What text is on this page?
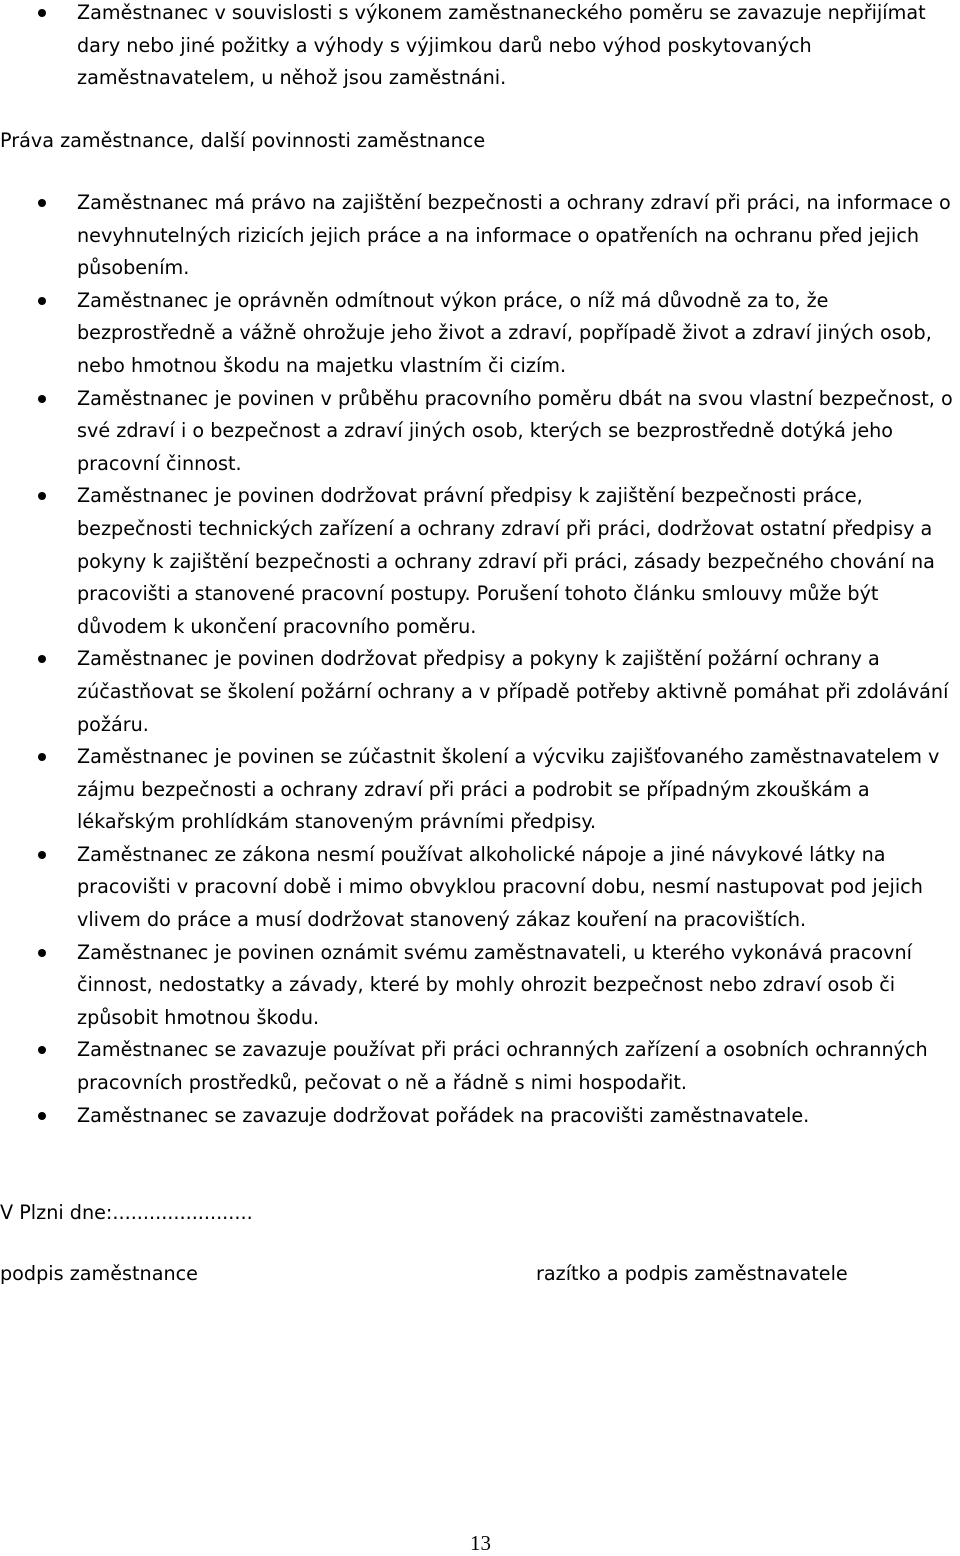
Zaměstnanec v souvislosti s výkonem zaměstnaneckého poměru se zavazuje nepřijímat dary nebo jiné požitky a výhody s výjimkou darů nebo výhod poskytovaných zaměstnavatelem, u něhož jsou zaměstnáni.
Práva zaměstnance, další povinnosti zaměstnance
Zaměstnanec má právo na zajištění bezpečnosti a ochrany zdraví při práci, na informace o nevyhnutelných rizicích jejich práce a na informace o opatřeních na ochranu před jejich působením.
Zaměstnanec je oprávněn odmítnout výkon práce, o níž má důvodně za to, že bezprostředně a vážně ohrožuje jeho život a zdraví, popřípadě život a zdraví jiných osob, nebo hmotnou škodu na majetku vlastním či cizím.
Zaměstnanec je povinen v průběhu pracovního poměru dbát na svou vlastní bezpečnost, o své zdraví i o bezpečnost a zdraví jiných osob, kterých se bezprostředně dotýká jeho pracovní činnost.
Zaměstnanec je povinen dodržovat právní předpisy k zajištění bezpečnosti práce, bezpečnosti technických zařízení a ochrany zdraví při práci, dodržovat ostatní předpisy a pokyny k zajištění bezpečnosti a ochrany zdraví při práci, zásady bezpečného chování na pracovišti a stanovené pracovní postupy. Porušení tohoto článku smlouvy může být důvodem k ukončení pracovního poměru.
Zaměstnanec je povinen dodržovat předpisy a pokyny k zajištění požární ochrany a zúčastňovat se školení požární ochrany a v případě potřeby aktivně pomáhat při zdolávání požáru.
Zaměstnanec je povinen se zúčastnit školení a výcviku zajišťovaného zaměstnavatelem v zájmu bezpečnosti a ochrany zdraví při práci a podrobit se případným zkouškám a lékařským prohlídkám stanoveným právními předpisy.
Zaměstnanec ze zákona nesmí používat alkoholické nápoje a jiné návykové látky na pracovišti v pracovní době i mimo obvyklou pracovní dobu, nesmí nastupovat pod jejich vlivem do práce a musí dodržovat stanovený zákaz kouření na pracovištích.
Zaměstnanec je povinen oznámit svému zaměstnavateli, u kterého vykonává pracovní činnost, nedostatky a závady, které by mohly ohrozit bezpečnost nebo zdraví osob či způsobit hmotnou škodu.
Zaměstnanec se zavazuje používat při práci ochranných zařízení a osobních ochranných pracovních prostředků, pečovat o ně a řádně s nimi hospodařit.
Zaměstnanec se zavazuje dodržovat pořádek na pracovišti zaměstnavatele.

V Plzni dne:.......................

podpis zaměstnance	razítko a podpis zaměstnavatele

13
